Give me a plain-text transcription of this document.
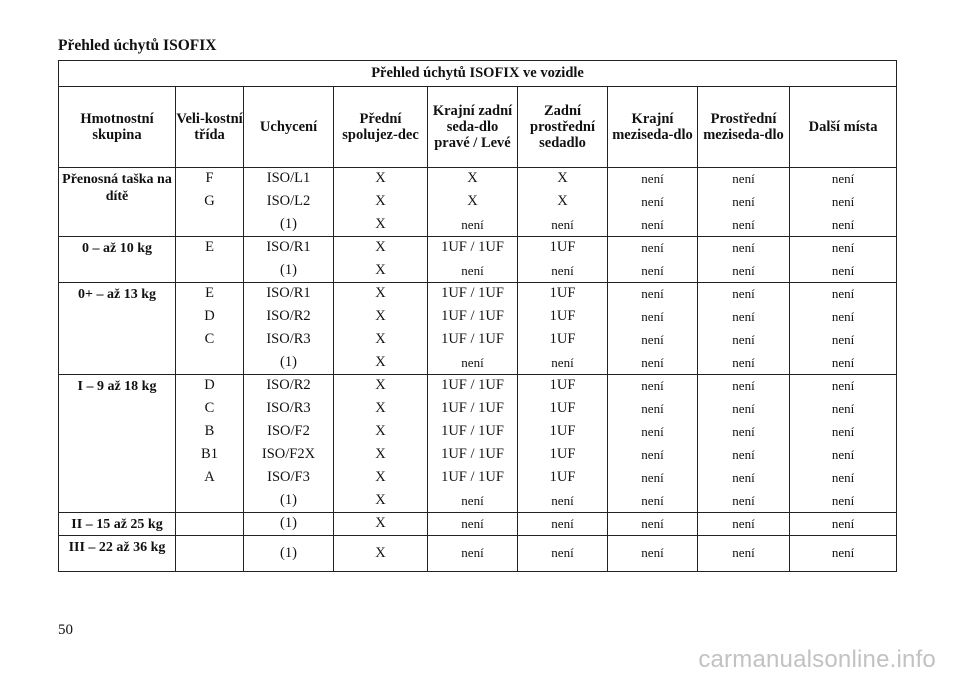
Přehled úchytů ISOFIX
Přehled úchytů ISOFIX ve vozidle								
Hmotnostní skupina	Veli-kostní třída	Uchycení	Přední spolujez-dec	Krajní zadní seda-dlo pravé / Levé	Zadní prostřední sedadlo	Krajní meziseda-dlo	Prostřední meziseda-dlo	Další místa
Přenosná taška na dítě	F	ISO/L1	X	X	X	není	není	není
	G	ISO/L2	X	X	X	není	není	není
		(1)	X	není	není	není	není	není
0 – až 10 kg	E	ISO/R1	X	1UF / 1UF	1UF	není	není	není
		(1)	X	není	není	není	není	není
0+ – až 13 kg	E	ISO/R1	X	1UF / 1UF	1UF	není	není	není
	D	ISO/R2	X	1UF / 1UF	1UF	není	není	není
	C	ISO/R3	X	1UF / 1UF	1UF	není	není	není
		(1)	X	není	není	není	není	není
I – 9 až 18 kg	D	ISO/R2	X	1UF / 1UF	1UF	není	není	není
	C	ISO/R3	X	1UF / 1UF	1UF	není	není	není
	B	ISO/F2	X	1UF / 1UF	1UF	není	není	není
	B1	ISO/F2X	X	1UF / 1UF	1UF	není	není	není
	A	ISO/F3	X	1UF / 1UF	1UF	není	není	není
		(1)	X	není	není	není	není	není
II – 15 až 25 kg		(1)	X	není	není	není	není	není
III – 22 až 36 kg		(1)	X	není	není	není	není	není
50
carmanualsonline.info
